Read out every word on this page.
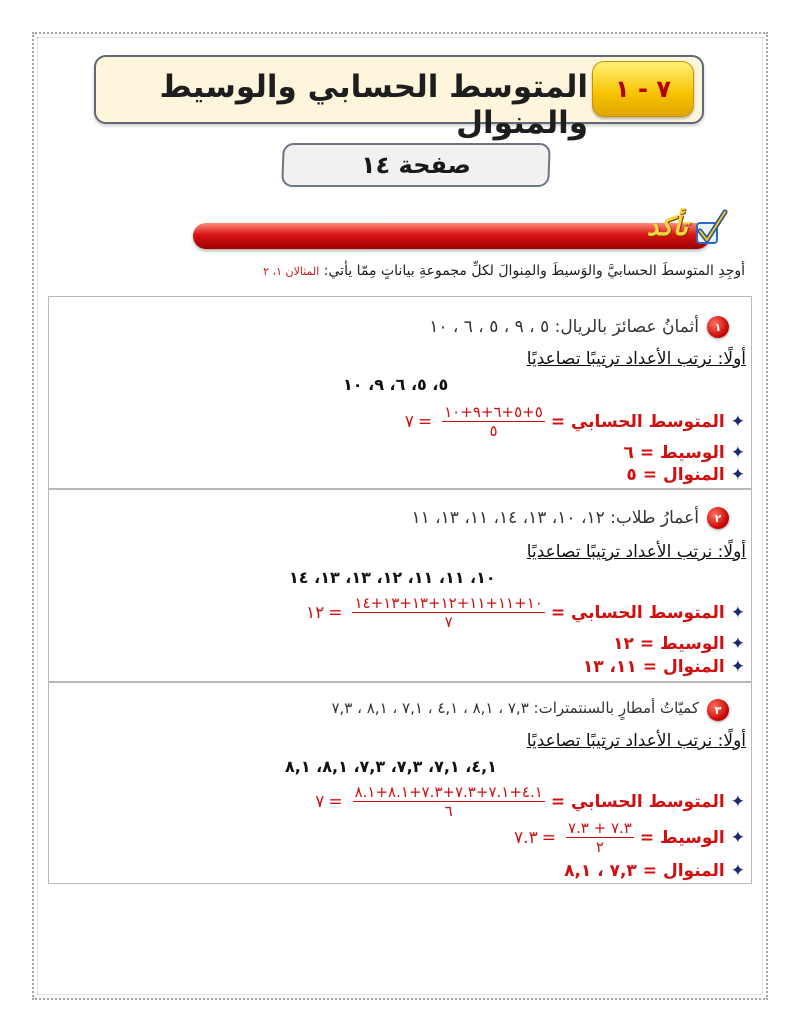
المتوسط الحسابي والوسيط والمنوال
٧ - ١
صفحة ١٤
تأكد
أوجِدِ المتوسطَ الحسابيَّ والوَسيطَ والمِنوالَ لكلِّ مجموعةِ بياناتٍ مِمّا يأتي: المثالان ١، ٢
١
أثمانُ عصائرَ بالريال: ٥ ، ٩ ، ٥ ، ٦ ، ١٠
أولًا: نرتب الأعداد ترتيبًا تصاعديًا
٥، ٥، ٦، ٩، ١٠
✦
المتوسط الحسابي =
$\frac{٥+٥+٦+٩+١٠}{٥}$
=
٧
✦
الوسيط =
٦
✦
المنوال =
٥
٢
أعمارُ طلاب: ١٢، ١٠، ١٣، ١٤، ١١، ١٣، ١١
أولًا: نرتب الأعداد ترتيبًا تصاعديًا
١٠، ١١، ١١، ١٢، ١٣، ١٣، ١٤
✦
المتوسط الحسابي =
$\frac{١٠+١١+١١+١٢+١٣+١٣+١٤}{٧}$
=
١٢
✦
الوسيط =
١٢
✦
المنوال =
١١، ١٣
٣
كميّاتُ أمطارٍ بالسنتمترات: ٧,٣ ، ٨,١ ، ٤,١ ، ٧,١ ، ٨,١ ، ٧,٣
أولًا: نرتب الأعداد ترتيبًا تصاعديًا
٤,١، ٧,١، ٧,٣، ٧,٣، ٨,١، ٨,١
✦
المتوسط الحسابي =
$\frac{٤.١+٧.١+٧.٣+٧.٣+٨.١+٨.١}{٦}$
=
٧
✦
الوسيط =
$\frac{٧.٣ + ٧.٣}{٢}$
=
٧.٣
✦
المنوال =
٧,٣ ، ٨,١
